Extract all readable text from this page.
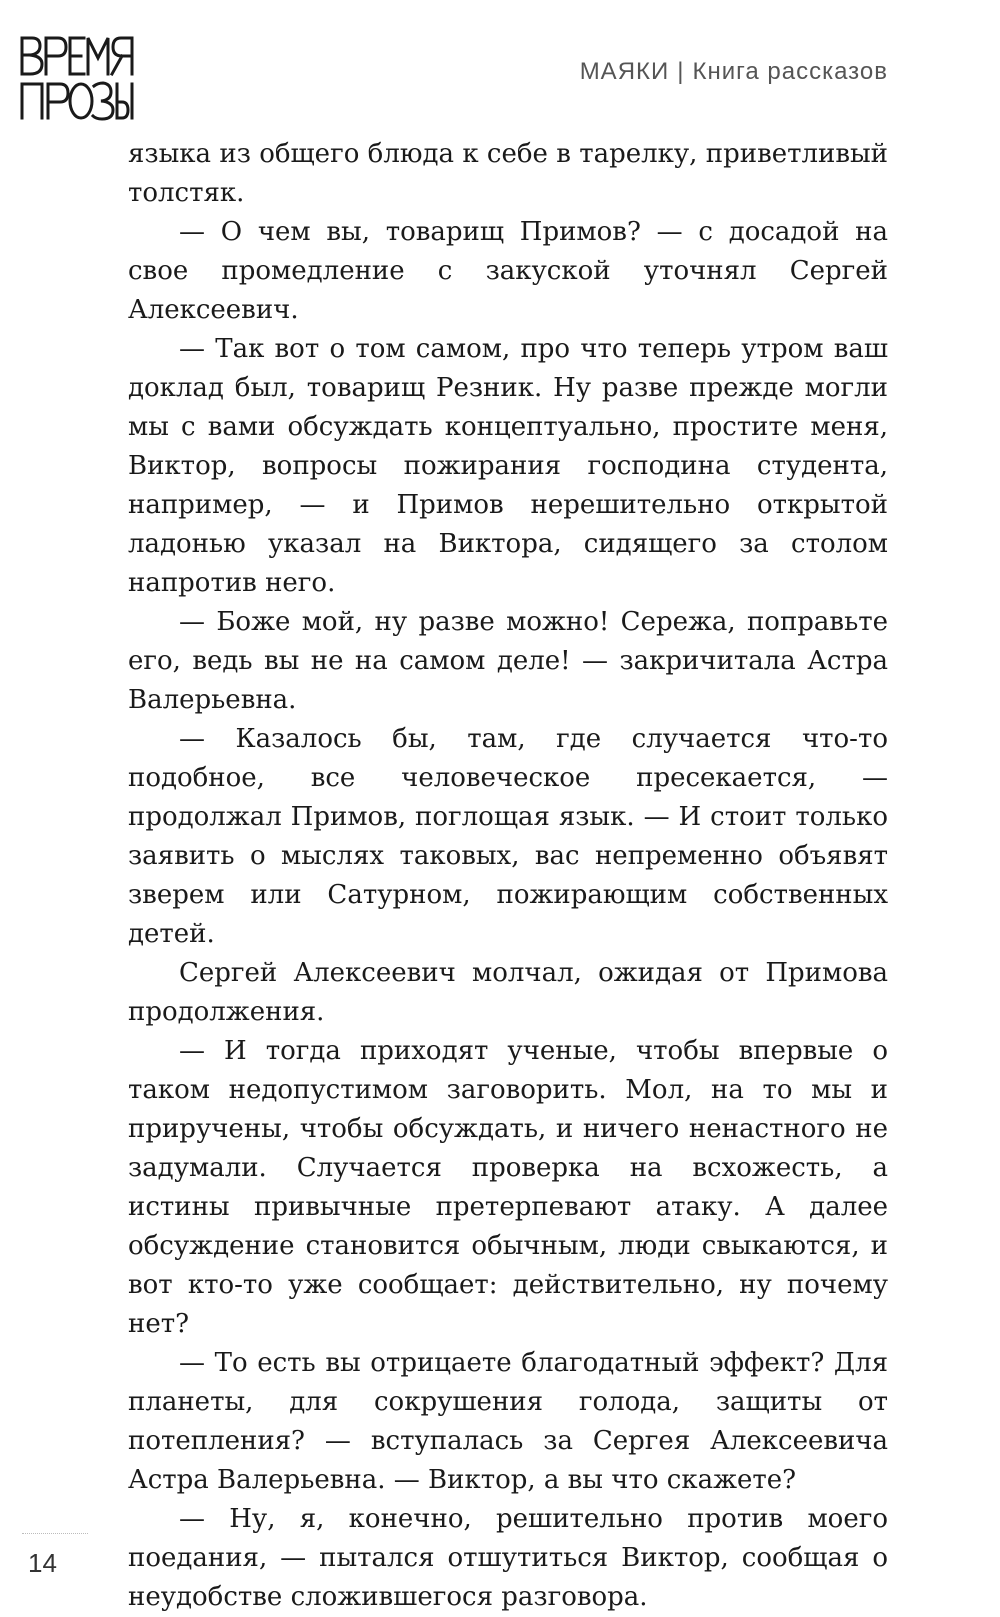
МАЯКИ | Книга рассказов

языка из общего блюда к себе в тарелку, приветливый толстяк.

— О чем вы, товарищ Примов? — с досадой на свое промедление с закуской уточнял Сергей Алексеевич.

— Так вот о том самом, про что теперь утром ваш доклад был, товарищ Резник. Ну разве прежде могли мы с вами обсуждать концептуально, простите меня, Виктор, вопросы пожирания господина студента, например, — и Примов нерешительно открытой ладонью указал на Виктора, сидящего за столом напротив него.

— Боже мой, ну разве можно! Сережа, поправьте его, ведь вы не на самом деле! — закричитала Астра Валерьевна.

— Казалось бы, там, где случается что-то подобное, все человеческое пресекается, — продолжал Примов, поглощая язык. — И стоит только заявить о мыслях таковых, вас непременно объявят зверем или Сатурном, пожирающим собственных детей.

Сергей Алексеевич молчал, ожидая от Примова продолжения.

— И тогда приходят ученые, чтобы впервые о таком недопустимом заговорить. Мол, на то мы и приручены, чтобы обсуждать, и ничего ненастного не задумали. Случается проверка на всхожесть, а истины привычные претерпевают атаку. А далее обсуждение становится обычным, люди свыкаются, и вот кто-то уже сообщает: действительно, ну почему нет?

— То есть вы отрицаете благодатный эффект? Для планеты, для сокрушения голода, защиты от потепления? — вступалась за Сергея Алексеевича Астра Валерьевна. — Виктор, а вы что скажете?

— Ну, я, конечно, решительно против моего поедания, — пытался отшутиться Виктор, сообщая о неудобстве сложившегося разговора.

14
